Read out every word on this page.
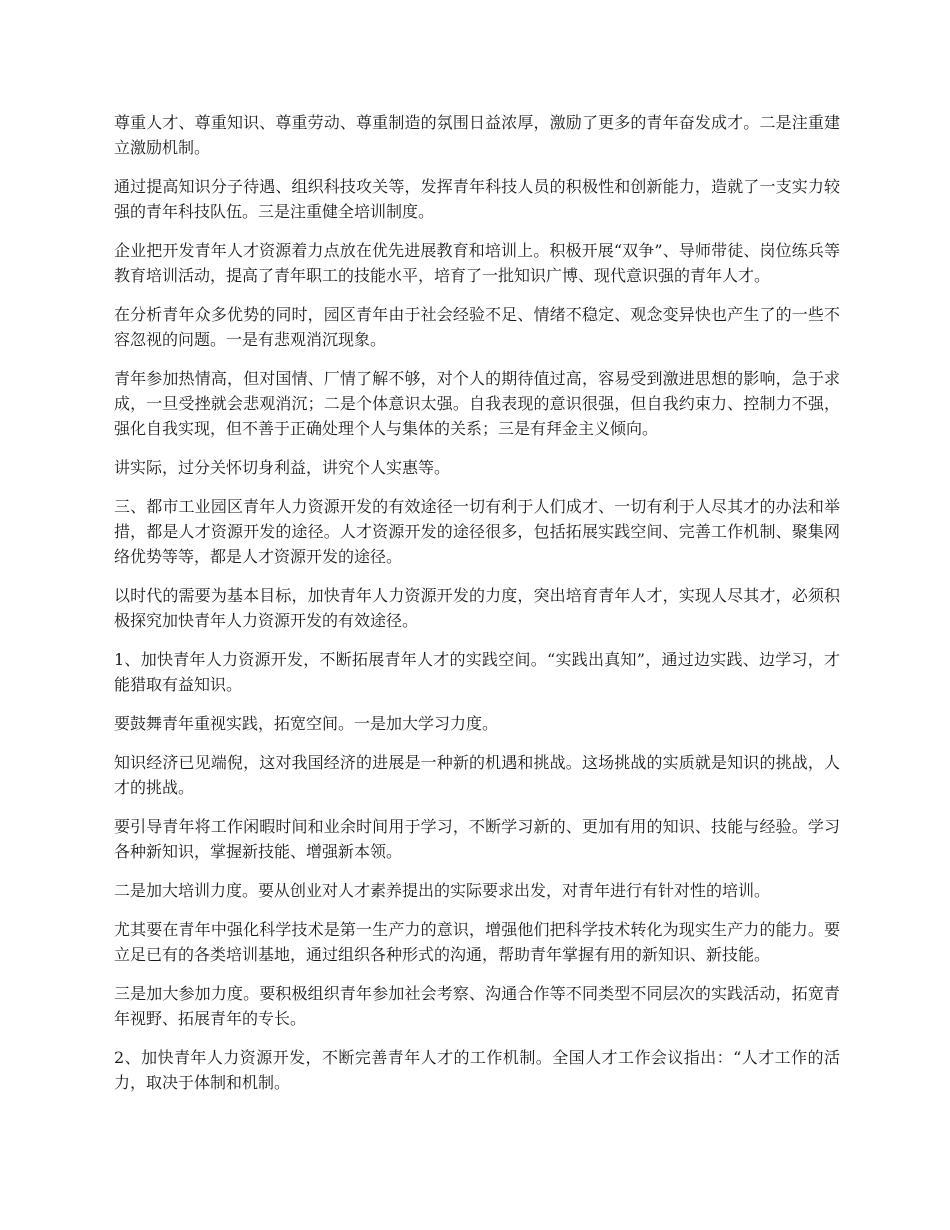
尊重人才、尊重知识、尊重劳动、尊重制造的氛围日益浓厚，激励了更多的青年奋发成才。二是注重建立激励机制。

通过提高知识分子待遇、组织科技攻关等，发挥青年科技人员的积极性和创新能力，造就了一支实力较强的青年科技队伍。三是注重健全培训制度。

企业把开发青年人才资源着力点放在优先进展教育和培训上。积极开展“双争”、导师带徒、岗位练兵等教育培训活动，提高了青年职工的技能水平，培育了一批知识广博、现代意识强的青年人才。

在分析青年众多优势的同时，园区青年由于社会经验不足、情绪不稳定、观念变异快也产生了的一些不容忽视的问题。一是有悲观消沉现象。

青年参加热情高，但对国情、厂情了解不够，对个人的期待值过高，容易受到激进思想的影响，急于求成，一旦受挫就会悲观消沉；二是个体意识太强。自我表现的意识很强，但自我约束力、控制力不强，强化自我实现，但不善于正确处理个人与集体的关系；三是有拜金主义倾向。

讲实际，过分关怀切身利益，讲究个人实惠等。

三、都市工业园区青年人力资源开发的有效途径一切有利于人们成才、一切有利于人尽其才的办法和举措，都是人才资源开发的途径。人才资源开发的途径很多，包括拓展实践空间、完善工作机制、聚集网络优势等等，都是人才资源开发的途径。

以时代的需要为基本目标，加快青年人力资源开发的力度，突出培育青年人才，实现人尽其才，必须积极探究加快青年人力资源开发的有效途径。

1、加快青年人力资源开发，不断拓展青年人才的实践空间。“实践出真知”，通过边实践、边学习，才能猎取有益知识。

要鼓舞青年重视实践，拓宽空间。一是加大学习力度。

知识经济已见端倪，这对我国经济的进展是一种新的机遇和挑战。这场挑战的实质就是知识的挑战，人才的挑战。

要引导青年将工作闲暇时间和业余时间用于学习，不断学习新的、更加有用的知识、技能与经验。学习各种新知识，掌握新技能、增强新本领。

二是加大培训力度。要从创业对人才素养提出的实际要求出发，对青年进行有针对性的培训。

尤其要在青年中强化科学技术是第一生产力的意识，增强他们把科学技术转化为现实生产力的能力。要立足已有的各类培训基地，通过组织各种形式的沟通，帮助青年掌握有用的新知识、新技能。

三是加大参加力度。要积极组织青年参加社会考察、沟通合作等不同类型不同层次的实践活动，拓宽青年视野、拓展青年的专长。

2、加快青年人力资源开发，不断完善青年人才的工作机制。全国人才工作会议指出：“人才工作的活力，取决于体制和机制。
